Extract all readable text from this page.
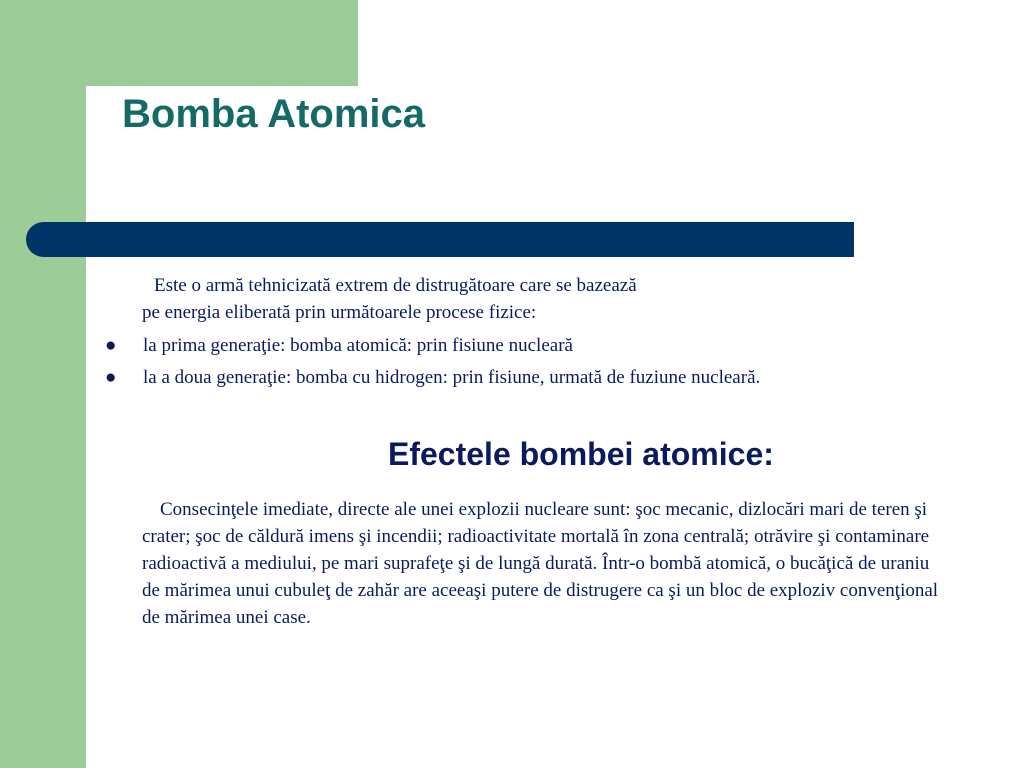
Bomba Atomica
Este o armă tehnicizată extrem de distrugătoare care se bazează
pe energia eliberată prin următoarele procese fizice:
●	la prima generaţie: bomba atomică: prin fisiune nucleară
●	la a doua generaţie: bomba cu hidrogen: prin fisiune, urmată de fuziune nucleară.
Efectele bombei atomice:
Consecinţele imediate, directe ale unei explozii nucleare sunt: şoc mecanic, dizlocări mari de teren şi crater; şoc de căldură imens şi incendii; radioactivitate mortală în zona centrală; otrăvire şi contaminare radioactivă a mediului, pe mari suprafeţe şi de lungă durată. Într-o bombă atomică, o bucăţică de uraniu de mărimea unui cubuleţ de zahăr are aceeaşi putere de distrugere ca şi un bloc de exploziv convenţional de mărimea unei case.
